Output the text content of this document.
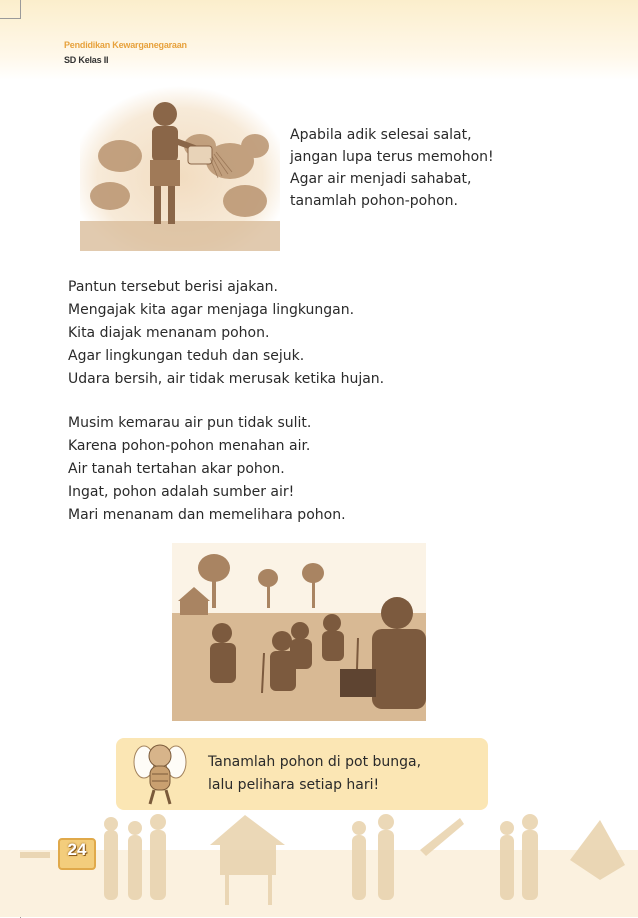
Pendidikan Kewarganegaraan
SD Kelas II
Apabila adik selesai salat,
jangan lupa terus memohon!
Agar air menjadi sahabat,
tanamlah pohon-pohon.
Pantun tersebut berisi ajakan.
Mengajak kita agar menjaga lingkungan.
Kita diajak menanam pohon.
Agar lingkungan teduh dan sejuk.
Udara bersih, air tidak merusak ketika hujan.
Musim kemarau air pun tidak sulit.
Karena pohon-pohon menahan air.
Air tanah tertahan akar pohon.
Ingat, pohon adalah sumber air!
Mari menanam dan memelihara pohon.
Tanamlah pohon di pot bunga,
lalu pelihara setiap hari!
24
